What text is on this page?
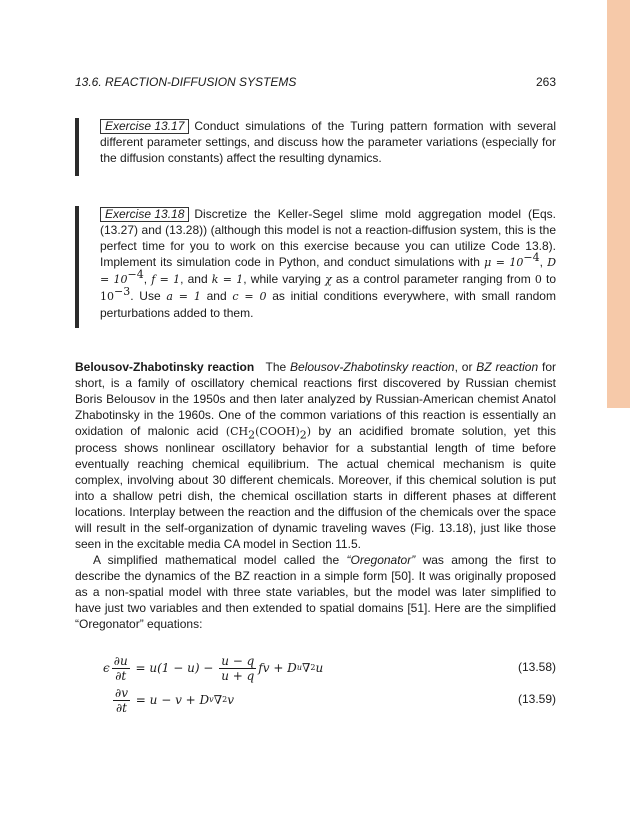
13.6. REACTION-DIFFUSION SYSTEMS	263

Exercise 13.17 Conduct simulations of the Turing pattern formation with several different parameter settings, and discuss how the parameter variations (especially for the diffusion constants) affect the resulting dynamics.

Exercise 13.18 Discretize the Keller-Segel slime mold aggregation model (Eqs. (13.27) and (13.28)) (although this model is not a reaction-diffusion system, this is the perfect time for you to work on this exercise because you can utilize Code 13.8). Implement its simulation code in Python, and conduct simulations with $\mu = 10^{-4}$, $D = 10^{-4}$, f = 1, and k = 1, while varying χ as a control parameter ranging from 0 to $10^{-3}$. Use a = 1 and c = 0 as initial conditions everywhere, with small random perturbations added to them.

Belousov-Zhabotinsky reaction   The Belousov-Zhabotinsky reaction, or BZ reaction for short, is a family of oscillatory chemical reactions first discovered by Russian chemist Boris Belousov in the 1950s and then later analyzed by Russian-American chemist Anatol Zhabotinsky in the 1960s. One of the common variations of this reaction is essentially an oxidation of malonic acid $(CH_2(COOH)_2)$ by an acidified bromate solution, yet this process shows nonlinear oscillatory behavior for a substantial length of time before eventually reaching chemical equilibrium. The actual chemical mechanism is quite complex, involving about 30 different chemicals. Moreover, if this chemical solution is put into a shallow petri dish, the chemical oscillation starts in different phases at different locations. Interplay between the reaction and the diffusion of the chemicals over the space will result in the self-organization of dynamic traveling waves (Fig. 13.18), just like those seen in the excitable media CA model in Section 11.5.

A simplified mathematical model called the “Oregonator” was among the first to describe the dynamics of the BZ reaction in a simple form [50]. It was originally proposed as a non-spatial model with three state variables, but the model was later simplified to have just two variables and then extended to spatial domains [51]. Here are the simplified “Oregonator” equations:

ϵ $\frac{\partial u}{\partial t} = u(1 - u) - \frac{u - q}{u + q}$ fv + D u ∇ 2 u	(13.58)
$\frac{\partial v}{\partial t} = u - v + D$ v ∇ 2 v	(13.59)
